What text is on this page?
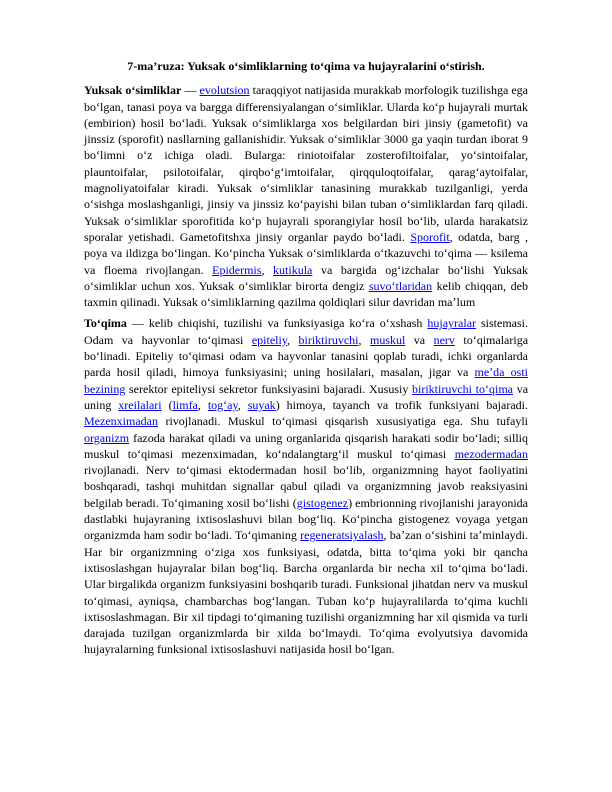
7-ma’ruza: Yuksak o‘simliklarning to‘qima va hujayralarini o‘stirish.

Yuksak o‘simliklar — evolutsion taraqqiyot natijasida murakkab morfologik tuzilishga ega boʻlgan, tanasi poya va bargga differensiyalangan oʻsimliklar. Ularda koʻp hujayrali murtak (embirion) hosil boʻladi. Yuksak oʻsimliklarga xos belgilardan biri jinsiy (gametofit) va jinssiz (sporofit) nasllarning gallanishidir. Yuksak oʻsimliklar 3000 ga yaqin turdan iborat 9 boʻlimni oʻz ichiga oladi. Bularga: riniotoifalar zosterofiltoifalar, yoʻsintoifalar, plauntoifalar, psilotoifalar, qirqboʻgʻimtoifalar, qirqquloqtoifalar, qaragʻaytoifalar, magnoliyatoifalar kiradi. Yuksak oʻsimliklar tanasining murakkab tuzilganligi, yerda oʻsishga moslashganligi, jinsiy va jinssiz koʻpayishi bilan tuban oʻsimliklardan farq qiladi. Yuksak oʻsimliklar sporofitida koʻp hujayrali sporangiylar hosil boʻlib, ularda harakatsiz sporalar yetishadi. Gametofitshxa jinsiy organlar paydo boʻladi. Sporofit, odatda, barg , poya va ildizga boʻlingan. Koʻpincha Yuksak oʻsimliklarda oʻtkazuvchi toʻqima — ksilema va floema rivojlangan. Epidermis, kutikula va bargida ogʻizchalar boʻlishi Yuksak oʻsimliklar uchun xos. Yuksak oʻsimliklar birorta dengiz suvoʻtlaridan kelib chiqqan, deb taxmin qilinadi. Yuksak oʻsimliklarning qazilma qoldiqlari silur davridan maʼlum

To‘qima — kelib chiqishi, tuzilishi va funksiyasiga koʻra oʻxshash hujayralar sistemasi. Odam va hayvonlar toʻqimasi epiteliy, biriktiruvchi, muskul va nerv toʻqimalariga boʻlinadi. Epiteliy toʻqimasi odam va hayvonlar tanasini qoplab turadi, ichki organlarda parda hosil qiladi, himoya funksiyasini; uning hosilalari, masalan, jigar va meʼda osti bezining serektor epiteliysi sekretor funksiyasini bajaradi. Xususiy biriktiruvchi toʻqima va uning xreilalari (limfa, togʻay, suyak) himoya, tayanch va trofik funksiyani bajaradi. Mezenximadan rivojlanadi. Muskul toʻqimasi qisqarish xususiyatiga ega. Shu tufayli organizm fazoda harakat qiladi va uning organlarida qisqarish harakati sodir boʻladi; silliq muskul toʻqimasi mezenximadan, koʻndalangtargʻil muskul toʻqimasi mezodermadan rivojlanadi. Nerv toʻqimasi ektodermadan hosil boʻlib, organizmning hayot faoliyatini boshqaradi, tashqi muhitdan signallar qabul qiladi va organizmning javob reaksiyasini belgilab beradi. Toʻqimaning xosil boʻlishi (gistogenez) embrionning rivojlanishi jarayonida dastlabki hujayraning ixtisoslashuvi bilan bogʻliq. Koʻpincha gistogenez voyaga yetgan organizmda ham sodir boʻladi. Toʻqimaning regeneratsiyalash, baʼzan oʻsishini taʼminlaydi. Har bir organizmning oʻziga xos funksiyasi, odatda, bitta toʻqima yoki bir qancha ixtisoslashgan hujayralar bilan bogʻliq. Barcha organlarda bir necha xil toʻqima boʻladi. Ular birgalikda organizm funksiyasini boshqarib turadi. Funksional jihatdan nerv va muskul toʻqimasi, ayniqsa, chambarchas bogʻlangan. Tuban koʻp hujayralilarda toʻqima kuchli ixtisoslashmagan. Bir xil tipdagi toʻqimaning tuzilishi organizmning har xil qismida va turli darajada tuzilgan organizmlarda bir xilda boʻlmaydi. Toʻqima evolyutsiya davomida hujayralarning funksional ixtisoslashuvi natijasida hosil boʻlgan.
